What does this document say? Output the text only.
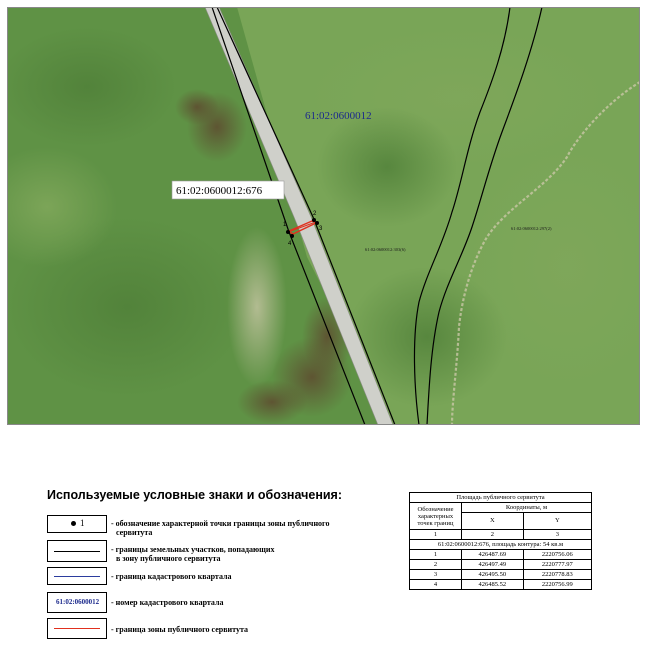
1
2
3
4
61:02:0600012
61:02:0600012:676
61:02:0600012:303(6)
61:02:0600012:297(2)
Используемые условные знаки и обозначения:
1	- обозначение характерной точки границы зоны публичного
сервитута
- границы земельных участков, попадающих
в зону публичного сервитута
- граница кадастрового квартала
61:02:0600012 - номер кадастрового квартала
- граница зоны публичного сервитута
Площадь публичного сервитута		
Обозначение характерных точек границ	Координаты, м	
	X	Y
1	2	3
61:02:0600012:676, площадь контура: 54 кв.м		
1	426487.69	2220756.06
2	426497.49	2220777.97
3	426495.50	2220778.83
4	426485.52	2220756.99
